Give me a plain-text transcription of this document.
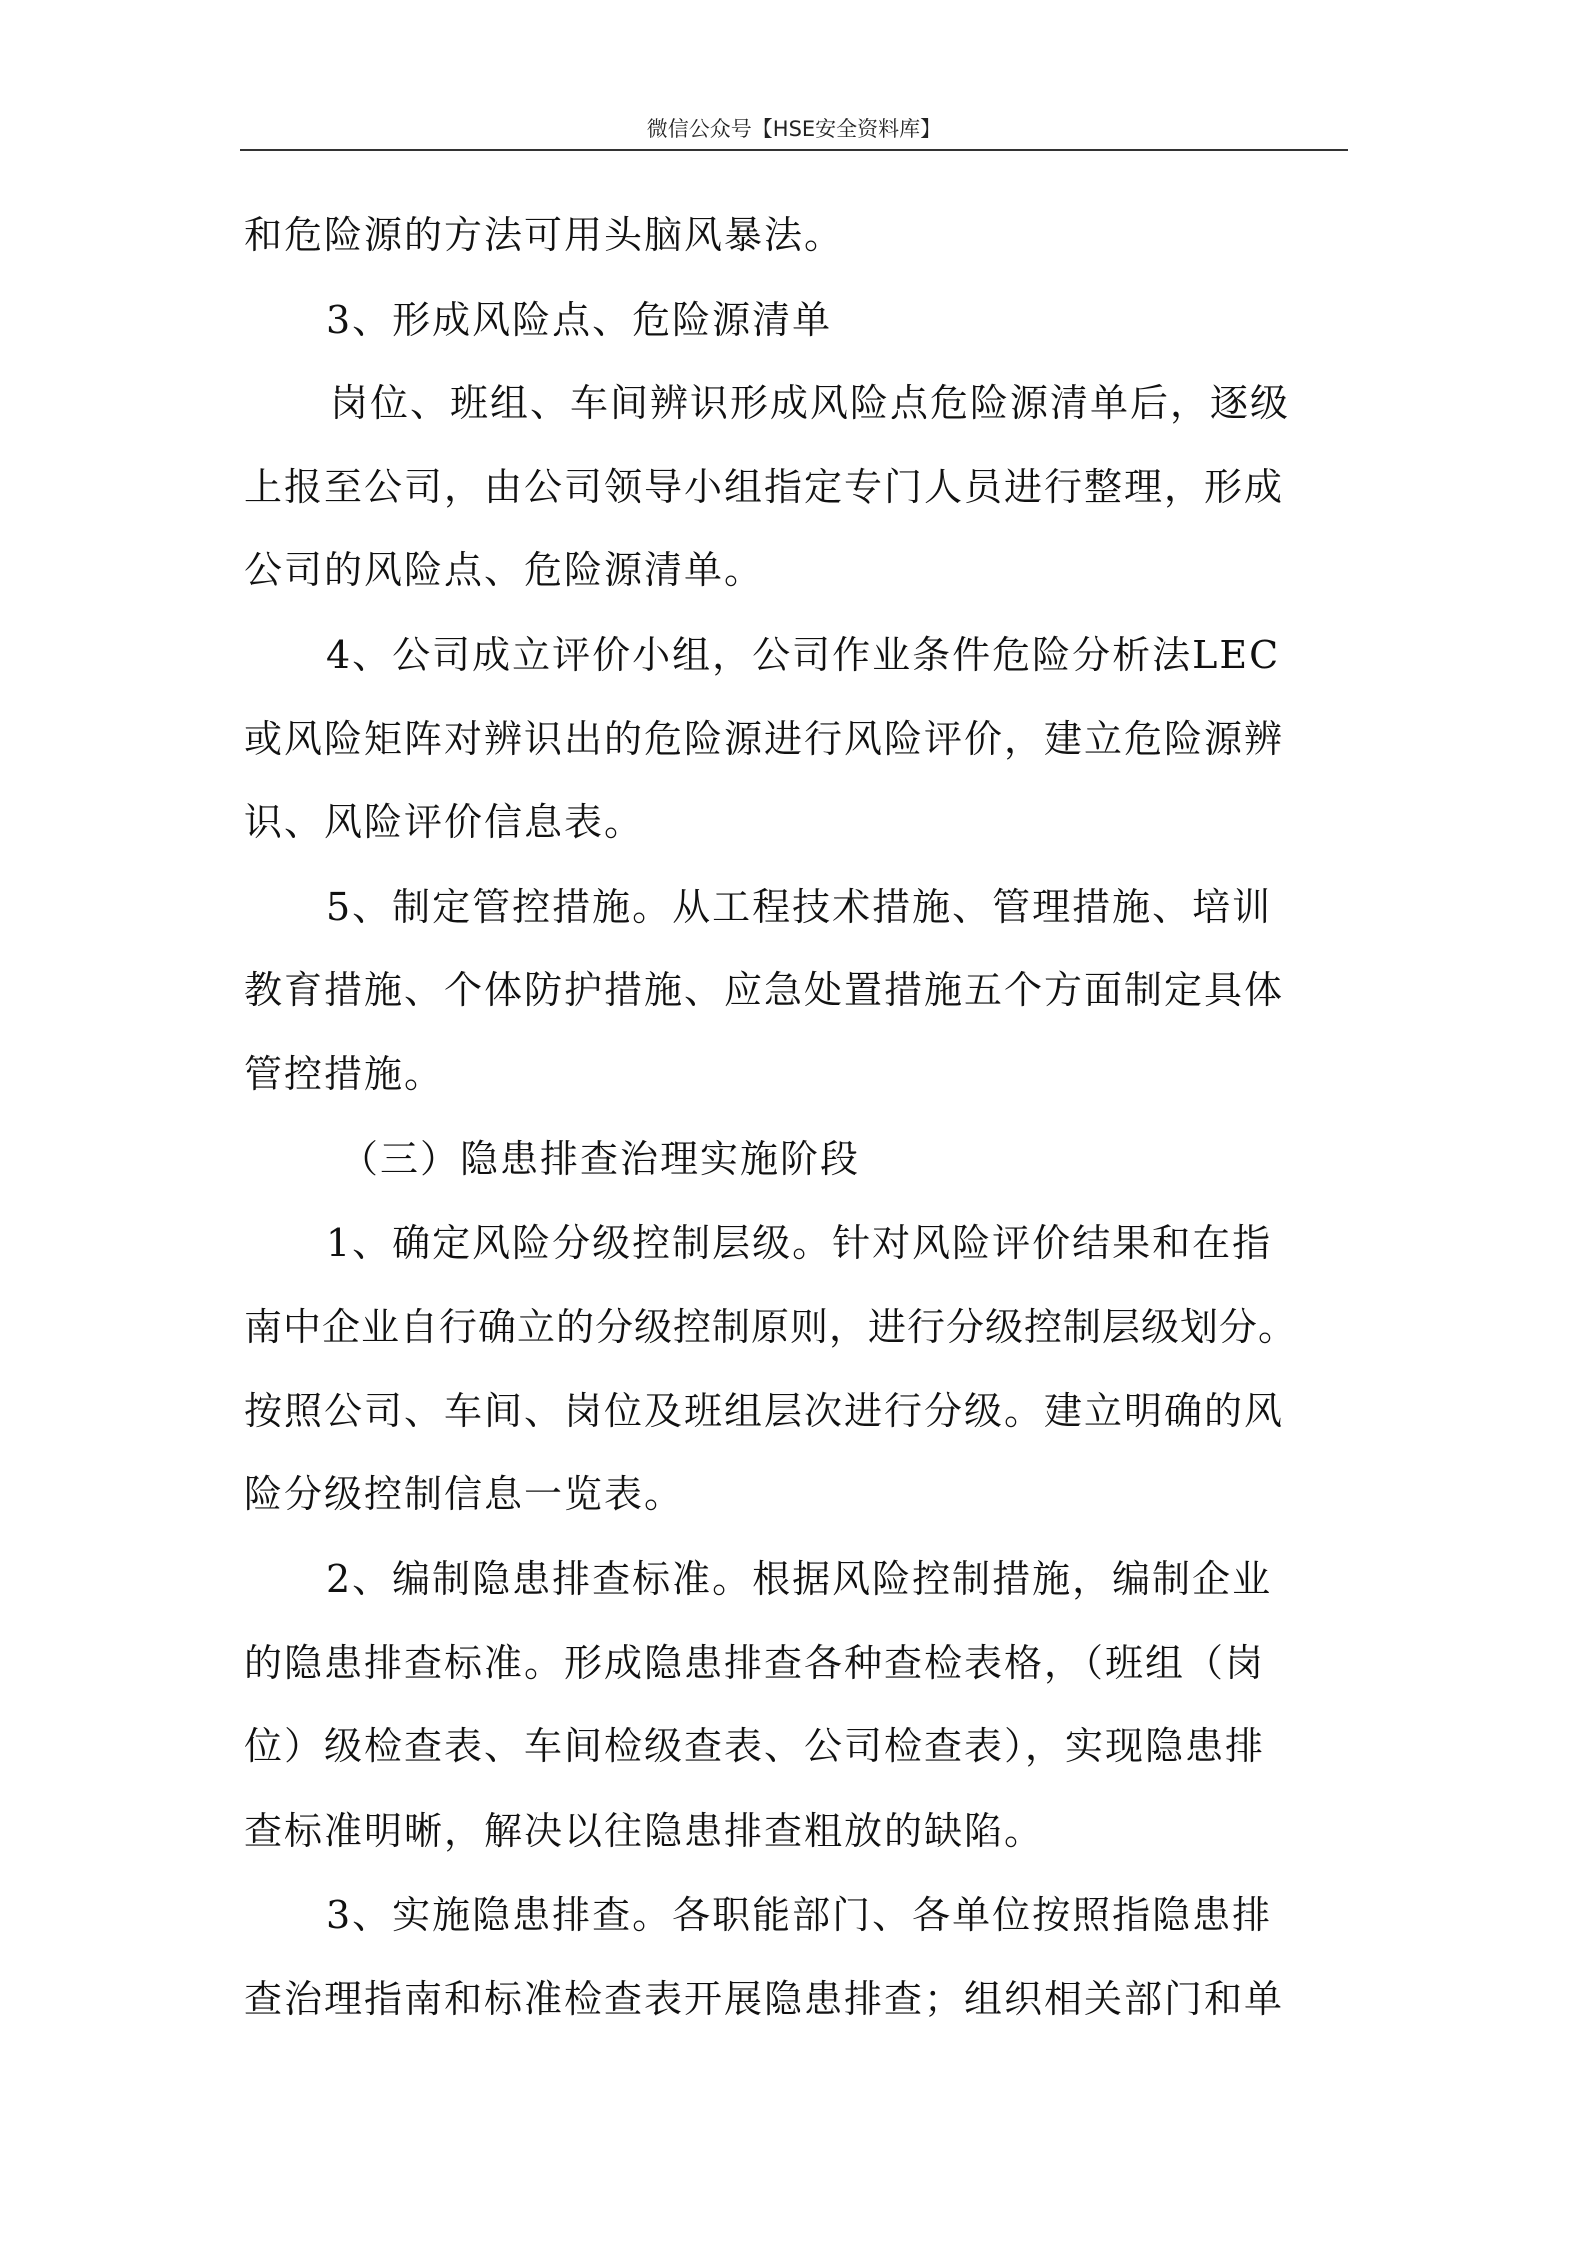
微信公众号【HSE安全资料库】
和危险源的方法可用头脑风暴法。
3、形成风险点、危险源清单
岗位、班组、车间辨识形成风险点危险源清单后，逐级
上报至公司，由公司领导小组指定专门人员进行整理，形成
公司的风险点、危险源清单。
4、公司成立评价小组，公司作业条件危险分析法LEC
或风险矩阵对辨识出的危险源进行风险评价，建立危险源辨
识、风险评价信息表。
5、制定管控措施。从工程技术措施、管理措施、培训
教育措施、个体防护措施、应急处置措施五个方面制定具体
管控措施。
（三）隐患排查治理实施阶段
1、确定风险分级控制层级。针对风险评价结果和在指
南中企业自行确立的分级控制原则，进行分级控制层级划分。
按照公司、车间、岗位及班组层次进行分级。建立明确的风
险分级控制信息一览表。
2、编制隐患排查标准。根据风险控制措施，编制企业
的隐患排查标准。形成隐患排查各种查检表格，（班组（岗
位）级检查表、车间检级查表、公司检查表），实现隐患排
查标准明晰，解决以往隐患排查粗放的缺陷。
3、实施隐患排查。各职能部门、各单位按照指隐患排
查治理指南和标准检查表开展隐患排查；组织相关部门和单
